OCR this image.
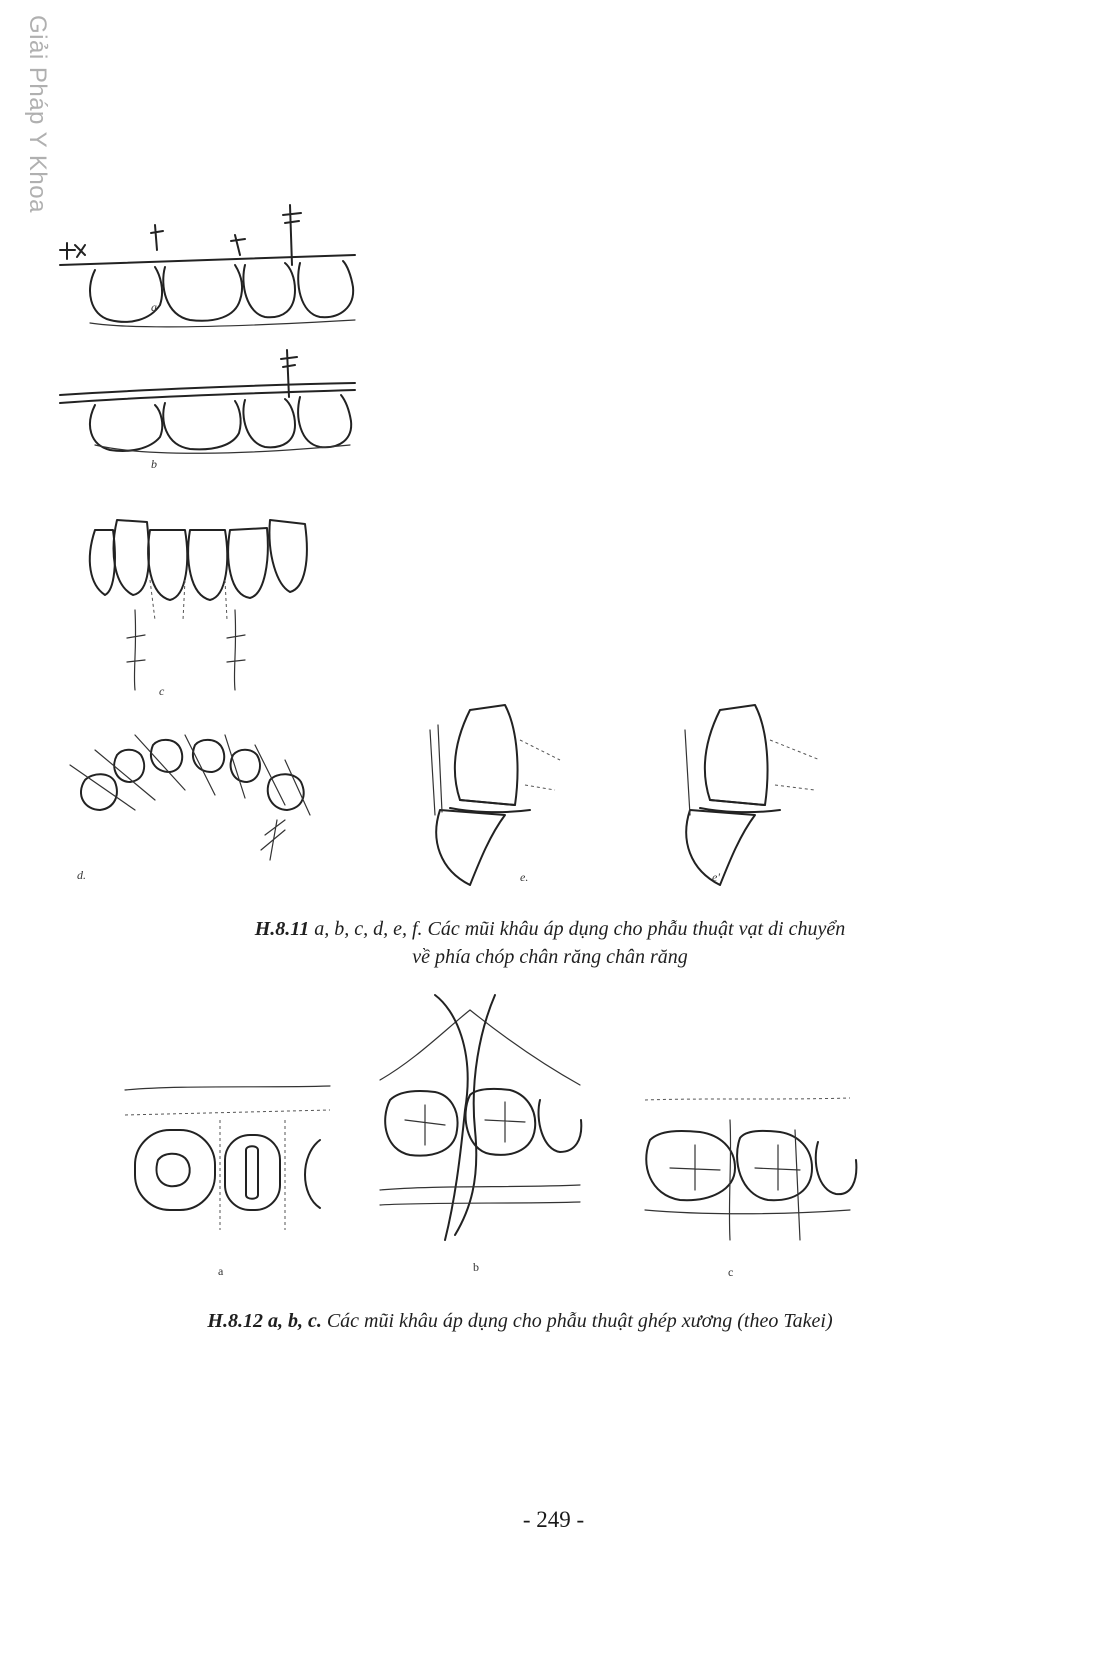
Giải Pháp Y Khoa
a
b
c
d.	e.	e'
H.8.11 a, b, c, d, e, f. Các mũi khâu áp dụng cho phẫu thuật vạt di chuyển
về phía chóp chân răng chân răng
a	b	c
H.8.12 a, b, c. Các mũi khâu áp dụng cho phẫu thuật ghép xương (theo Takei)
- 249 -
